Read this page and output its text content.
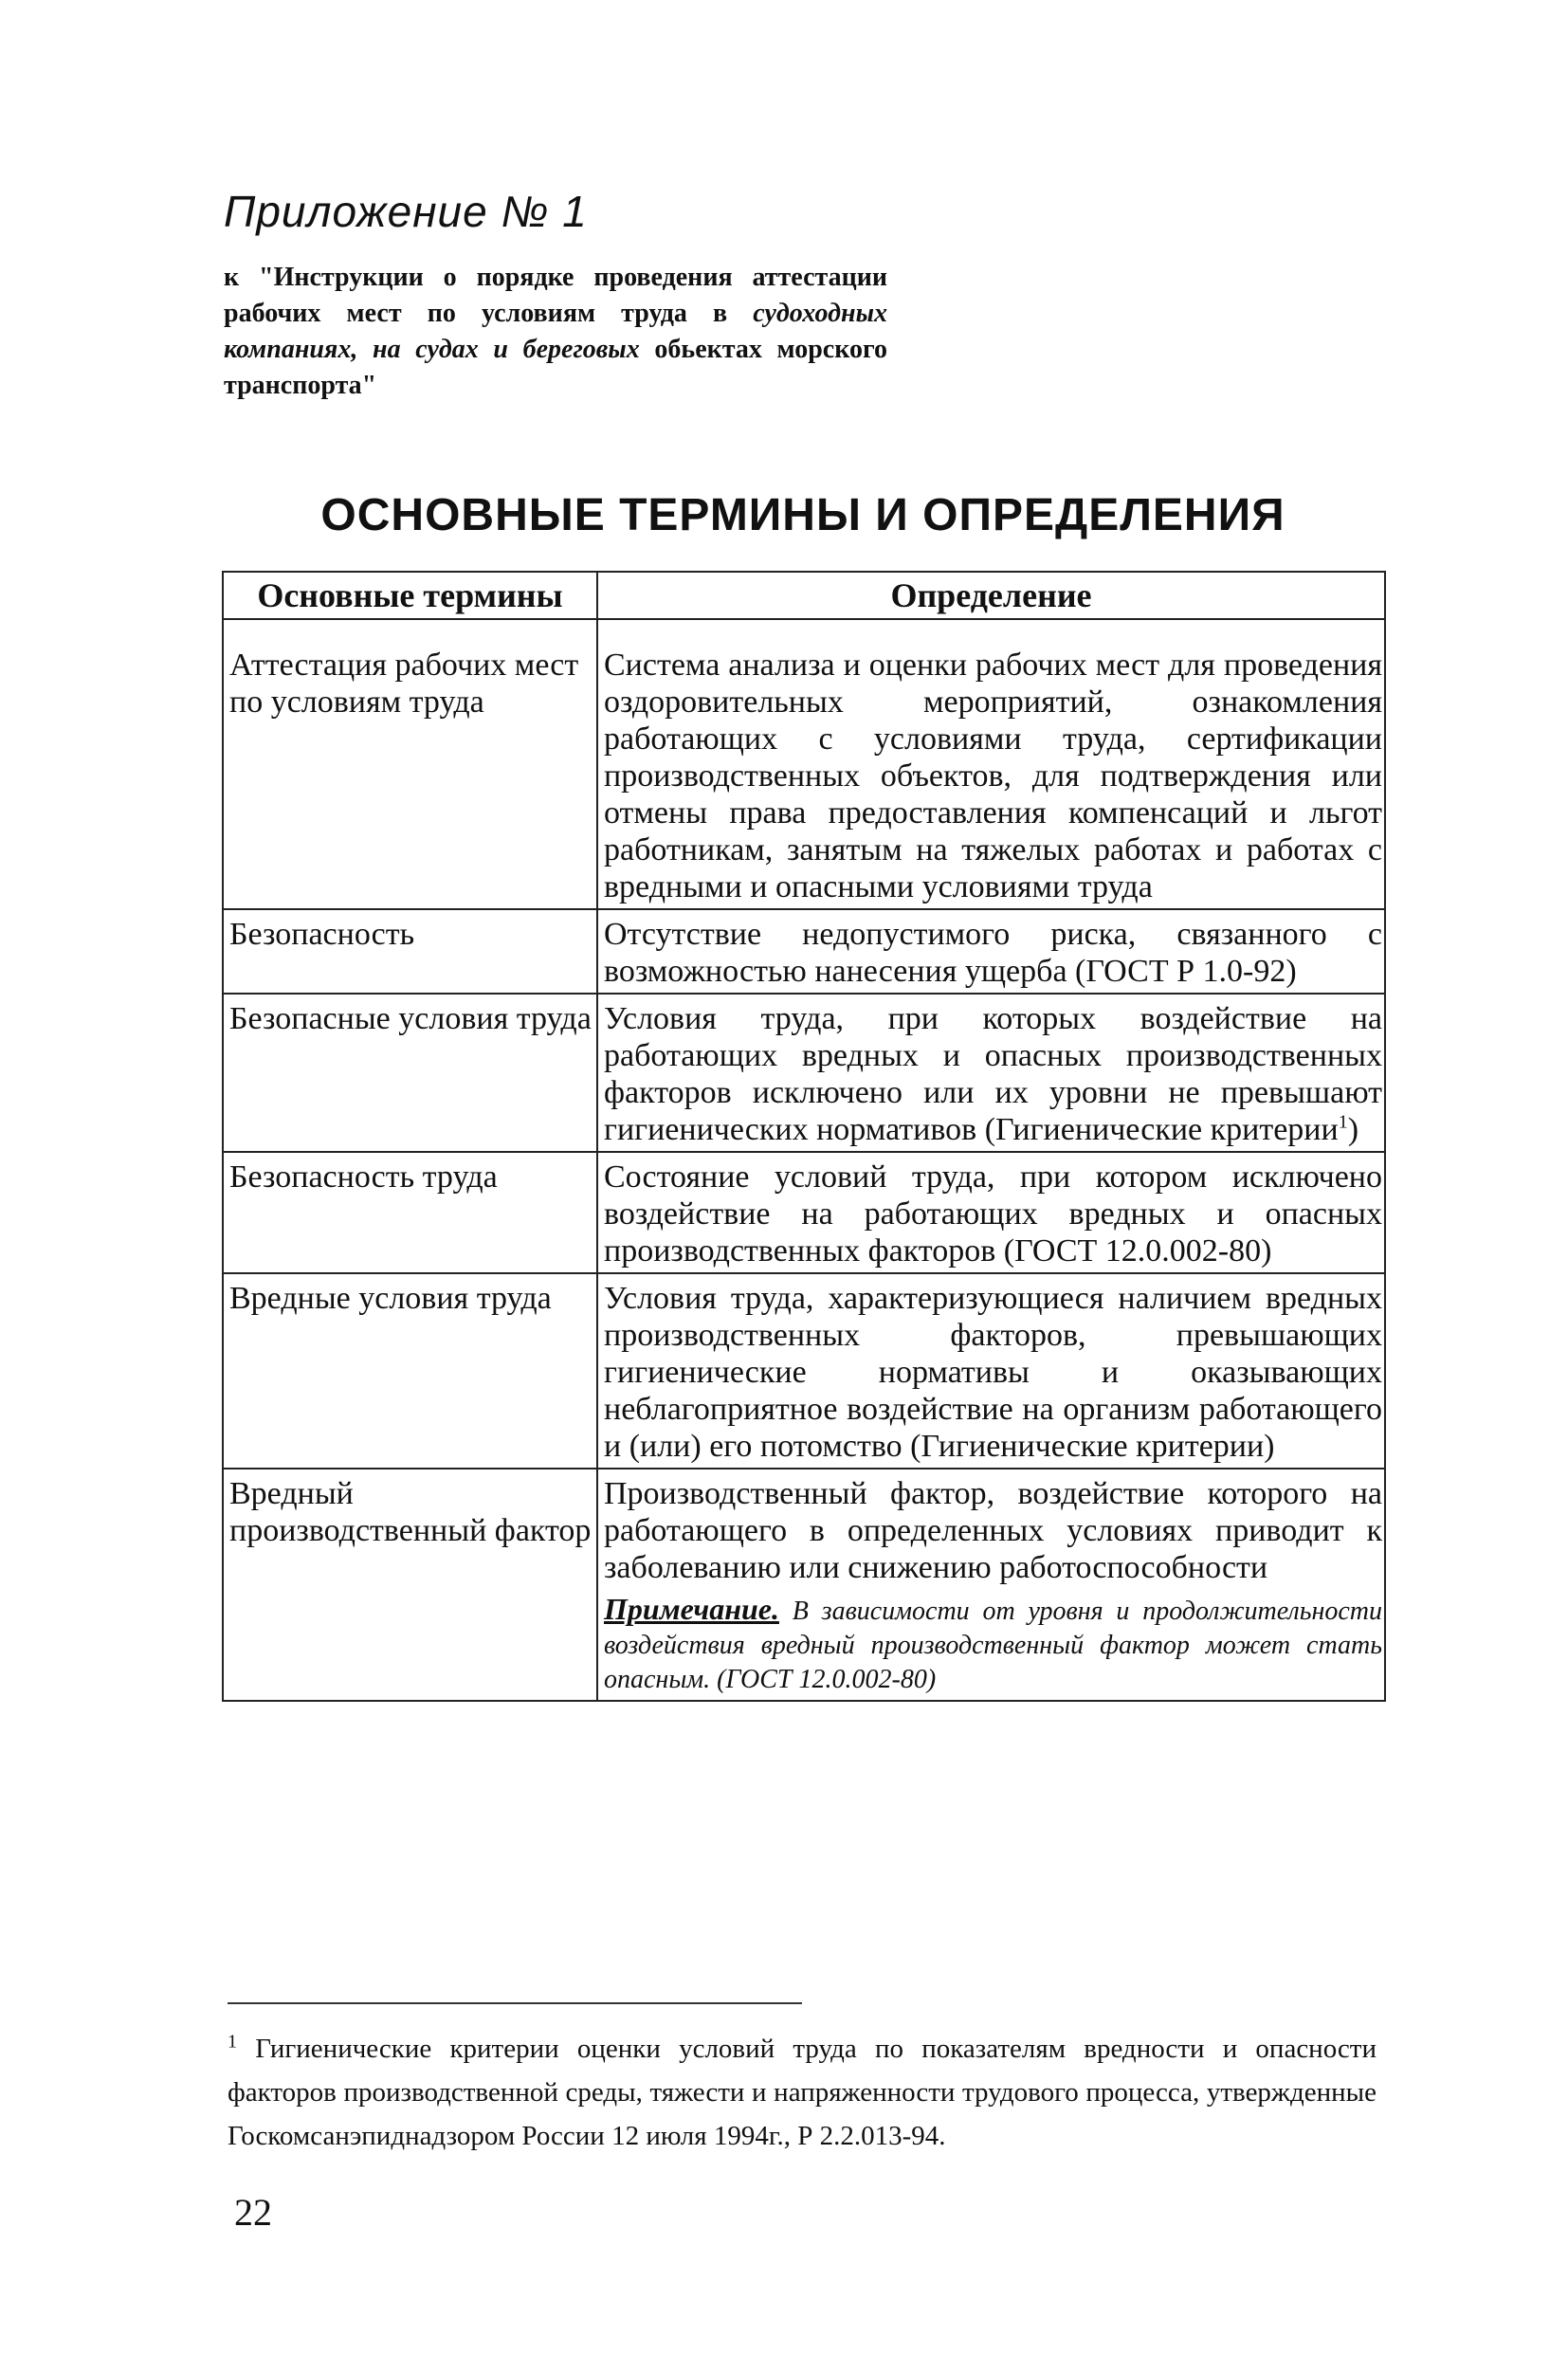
Приложение № 1
к "Инструкции о порядке проведения аттестации рабочих мест по условиям труда в судоходных компаниях, на судах и береговых обьектах морского транспорта"
ОСНОВНЫЕ ТЕРМИНЫ И ОПРЕДЕЛЕНИЯ
Основные термины	Определение
Аттестация рабочих мест по условиям труда	Система анализа и оценки рабочих мест для проведения оздоровительных мероприятий, ознакомления работающих с условиями труда, сертификации производственных объектов, для подтверждения или отмены права предоставления компенсаций и льгот работникам, занятым на тяжелых работах и работах с вредными и опасными условиями труда
Безопасность	Отсутствие недопустимого риска, связанного с возможностью нанесения ущерба (ГОСТ Р 1.0-92)
Безопасные условия труда	Условия труда, при которых воздействие на работающих вредных и опасных производственных факторов исключено или их уровни не превышают гигиенических нормативов (Гигиенические критерии$^1$)
Безопасность труда	Состояние условий труда, при котором исключено воздействие на работающих вредных и опасных производственных факторов (ГОСТ 12.0.002-80)
Вредные условия труда	Условия труда, характеризующиеся наличием вредных производственных факторов, превышающих гигиенические нормативы и оказывающих неблагоприятное воздействие на организм работающего и (или) его потомство (Гигиенические критерии)
Вредный производственный фактор	Производственный фактор, воздействие которого на работающего в определенных условиях приводит к заболеванию или снижению работоспособности
Примечание. В зависимости от уровня и продолжительности воздействия вредный производственный фактор может стать опасным. (ГОСТ 12.0.002-80)
$^1$ Гигиенические критерии оценки условий труда по показателям вредности и опасности факторов производственной среды, тяжести и напряженности трудового процесса, утвержденные Госкомсанэпиднадзором России 12 июля 1994г., Р 2.2.013-94.
22
